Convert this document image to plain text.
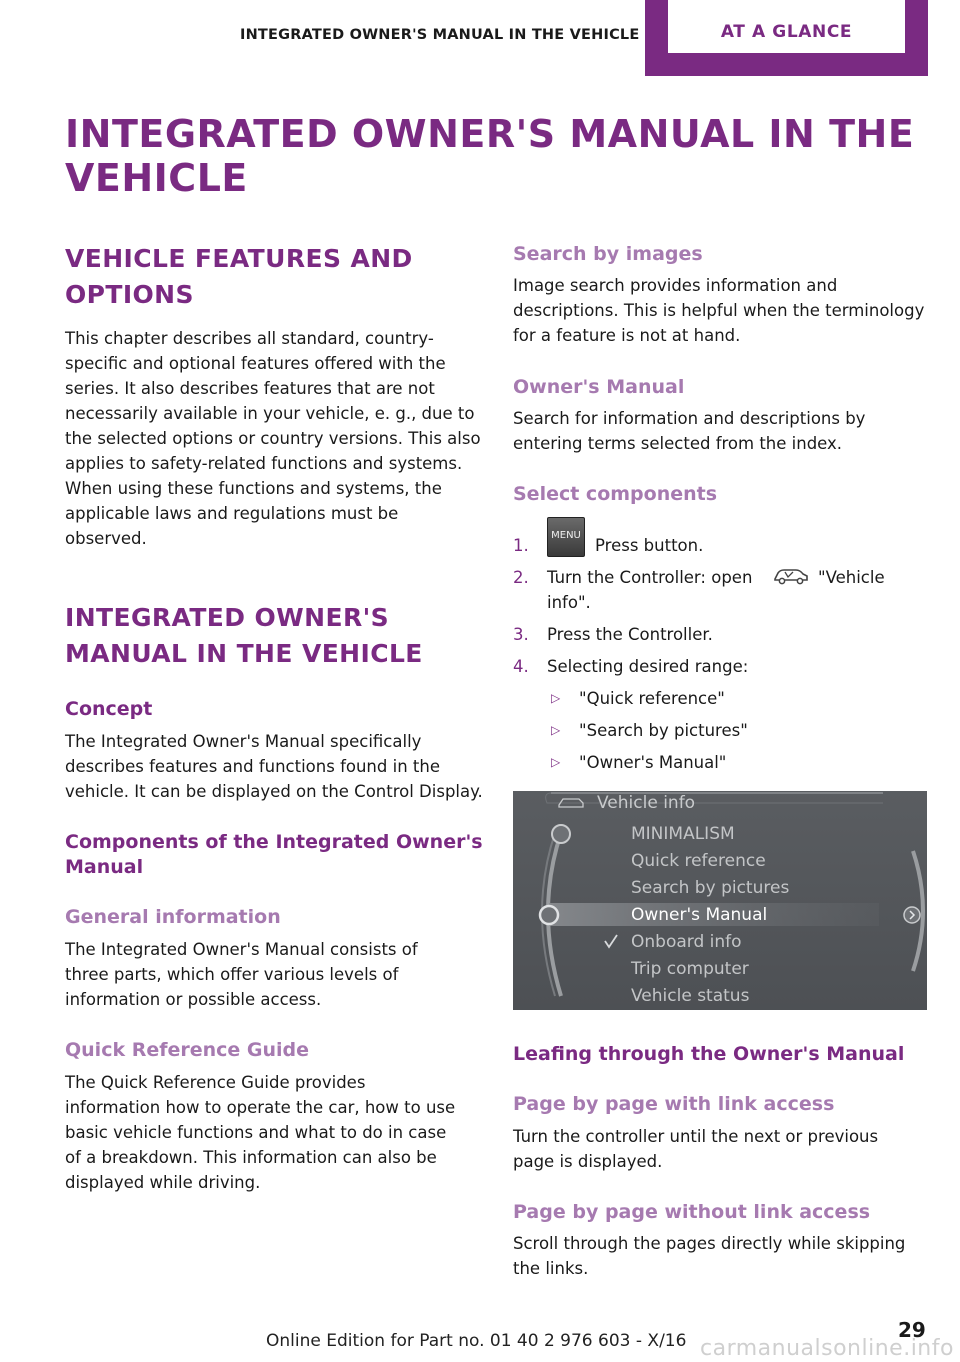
INTEGRATED OWNER'S MANUAL IN THE VEHICLE	AT A GLANCE
INTEGRATED OWNER'S MANUAL IN THE VEHICLE
VEHICLE FEATURES AND OPTIONS
This chapter describes all standard, country-specific and optional features offered with the series. It also describes features that are not necessarily available in your vehicle, e. g., due to the selected options or country versions. This also applies to safety-related functions and systems. When using these functions and systems, the applicable laws and regulations must be observed.
INTEGRATED OWNER'S MANUAL IN THE VEHICLE
Concept
The Integrated Owner's Manual specifically describes features and functions found in the vehicle. It can be displayed on the Control Display.
Components of the Integrated Owner's Manual
General information
The Integrated Owner's Manual consists of three parts, which offer various levels of information or possible access.
Quick Reference Guide
The Quick Reference Guide provides information how to operate the car, how to use basic vehicle functions and what to do in case of a breakdown. This information can also be displayed while driving.
Search by images
Image search provides information and descriptions. This is helpful when the terminology for a feature is not at hand.
Owner's Manual
Search for information and descriptions by entering terms selected from the index.
Select components
1.
MENU
Press button.
2. Turn the Controller: open	"Vehicle
info".
3. Press the Controller.
4. Selecting desired range:
▷ "Quick reference"
▷ "Search by pictures"
▷ "Owner's Manual"
Vehicle info
MINIMALISM
Quick reference
Search by pictures
Owner's Manual
Onboard info
Trip computer
Vehicle status
Leafing through the Owner's Manual
Page by page with link access
Turn the controller until the next or previous page is displayed.
Page by page without link access
Scroll through the pages directly while skipping the links.
Online Edition for Part no. 01 40 2 976 603 - X/16	29
carmanualsonline.info
